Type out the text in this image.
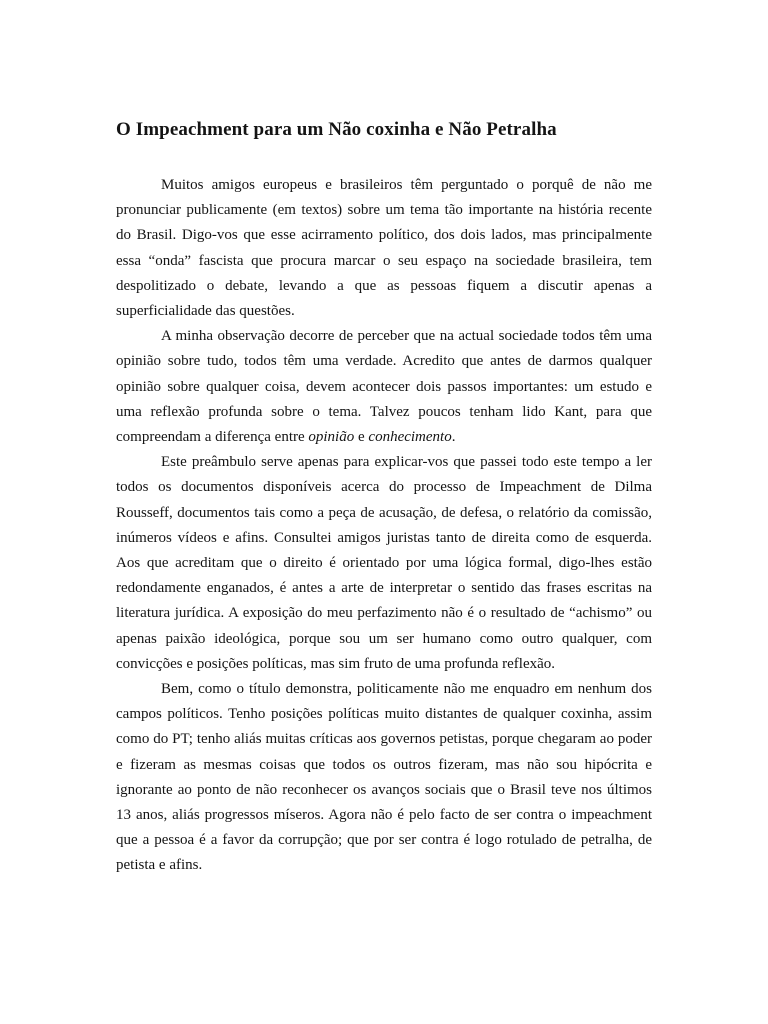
O Impeachment para um Não coxinha e Não Petralha

Muitos amigos europeus e brasileiros têm perguntado o porquê de não me pronunciar publicamente (em textos) sobre um tema tão importante na história recente do Brasil. Digo-vos que esse acirramento político, dos dois lados, mas principalmente essa “onda” fascista que procura marcar o seu espaço na sociedade brasileira, tem despolitizado o debate, levando a que as pessoas fiquem a discutir apenas a superficialidade das questões.

A minha observação decorre de perceber que na actual sociedade todos têm uma opinião sobre tudo, todos têm uma verdade. Acredito que antes de darmos qualquer opinião sobre qualquer coisa, devem acontecer dois passos importantes: um estudo e uma reflexão profunda sobre o tema. Talvez poucos tenham lido Kant, para que compreendam a diferença entre opinião e conhecimento.

Este preâmbulo serve apenas para explicar-vos que passei todo este tempo a ler todos os documentos disponíveis acerca do processo de Impeachment de Dilma Rousseff, documentos tais como a peça de acusação, de defesa, o relatório da comissão, inúmeros vídeos e afins. Consultei amigos juristas tanto de direita como de esquerda. Aos que acreditam que o direito é orientado por uma lógica formal, digo-lhes estão redondamente enganados, é antes a arte de interpretar o sentido das frases escritas na literatura jurídica. A exposição do meu perfazimento não é o resultado de “achismo” ou apenas paixão ideológica, porque sou um ser humano como outro qualquer, com convicções e posições políticas, mas sim fruto de uma profunda reflexão.

Bem, como o título demonstra, politicamente não me enquadro em nenhum dos campos políticos. Tenho posições políticas muito distantes de qualquer coxinha, assim como do PT; tenho aliás muitas críticas aos governos petistas, porque chegaram ao poder e fizeram as mesmas coisas que todos os outros fizeram, mas não sou hipócrita e ignorante ao ponto de não reconhecer os avanços sociais que o Brasil teve nos últimos 13 anos, aliás progressos míseros. Agora não é pelo facto de ser contra o impeachment que a pessoa é a favor da corrupção; que por ser contra é logo rotulado de petralha, de petista e afins.
